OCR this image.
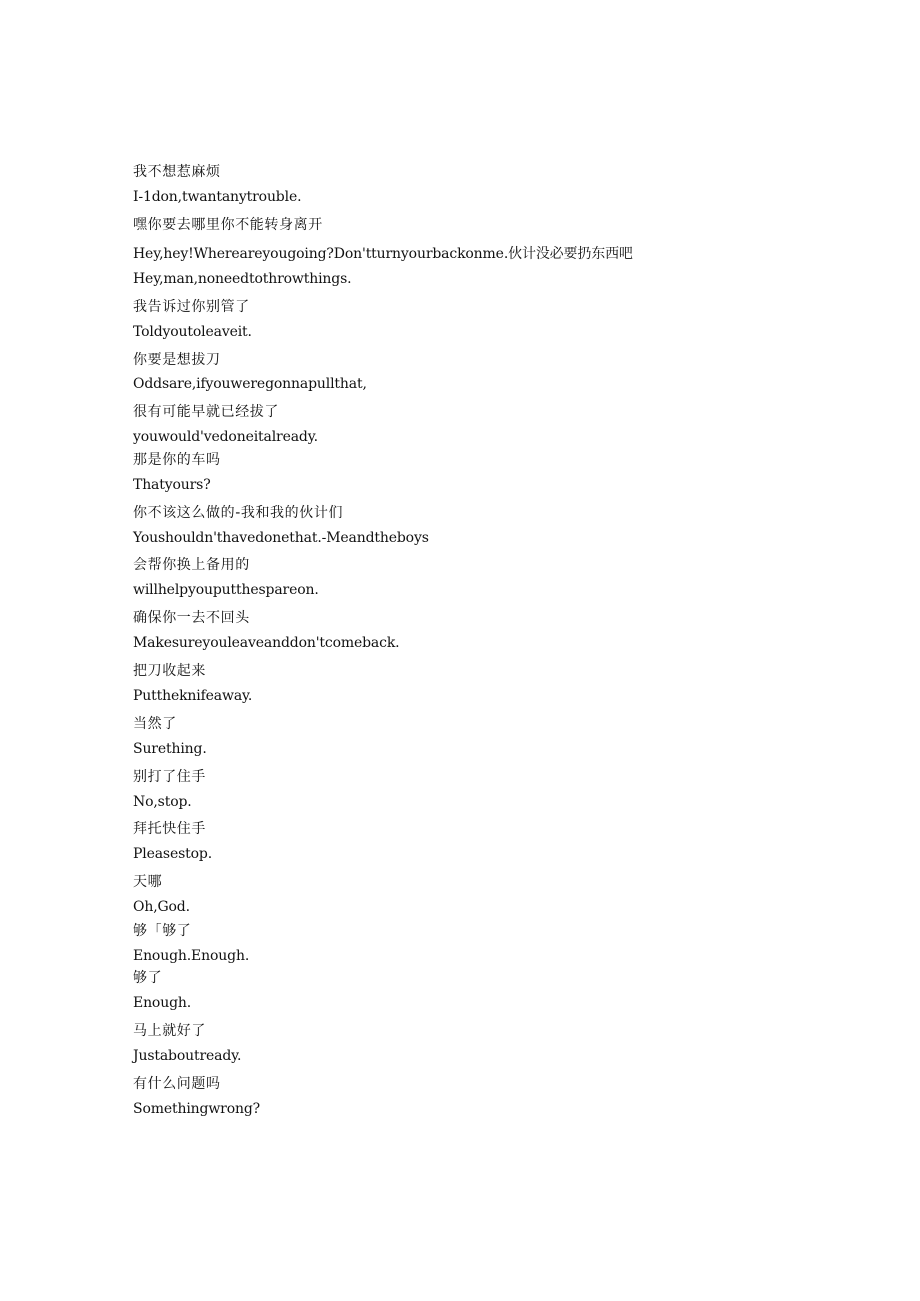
我不想惹麻烦
I-1don,twantanytrouble.
嘿你要去哪里你不能转身离开
Hey,hey!Whereareyougoing?Don'tturnyourbackonme.伙计没必要扔东西吧
Hey,man,noneedtothrowthings.
我告诉过你别管了
Toldyoutoleaveit.
你要是想拔刀
Oddsare,ifyouweregonnapullthat,
很有可能早就已经拔了
youwould'vedoneitalready.
那是你的车吗
Thatyours?
你不该这么做的-我和我的伙计们
Youshouldn'thavedonethat.-Meandtheboys
会帮你换上备用的
willhelpyouputthespareon.
确保你一去不回头
Makesureyouleaveanddon'tcomeback.
把刀收起来
Puttheknifeaway.
当然了
Surething.
别打了住手
No,stop.
拜托快住手
Pleasestop.
天哪
Oh,God.
够「够了
Enough.Enough.
够了
Enough.
马上就好了
Justaboutready.
有什么问题吗
Somethingwrong?
